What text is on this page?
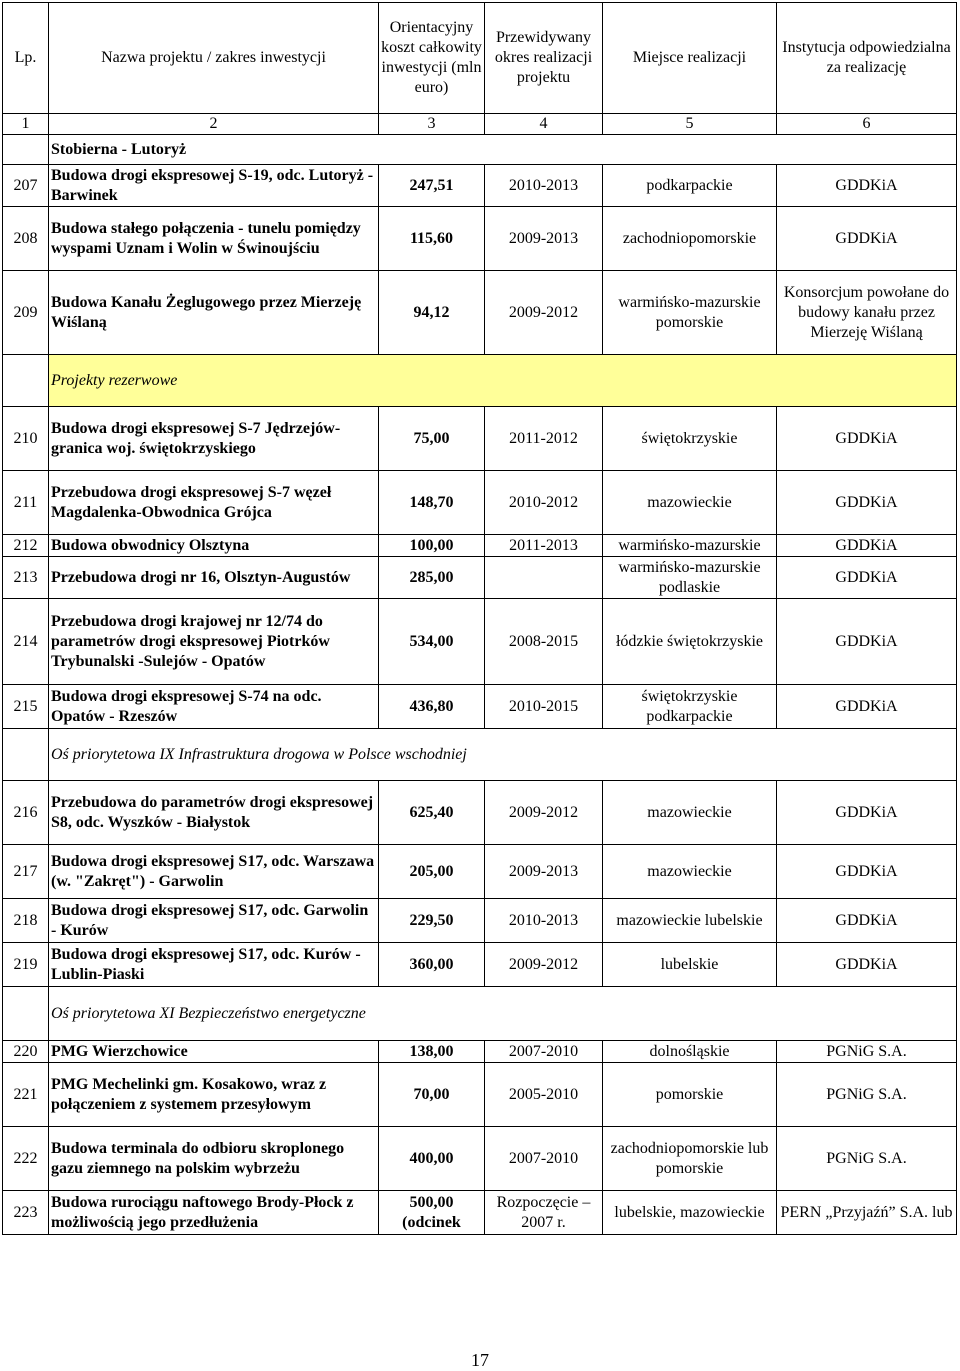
Lp.	Nazwa projektu / zakres inwestycji	Orientacyjny koszt całkowity inwestycji (mln euro)	Przewidywany okres realizacji projektu	Miejsce realizacji	Instytucja odpowiedzialna za realizację
1	2	3	4	5	6
	Stobierna - Lutoryż				
207	Budowa drogi ekspresowej S-19, odc. Lutoryż - Barwinek	247,51	2010-2013	podkarpackie	GDDKiA
208	Budowa stałego połączenia - tunelu pomiędzy wyspami Uznam i Wolin w Świnoujściu	115,60	2009-2013	zachodniopomorskie	GDDKiA
209	Budowa Kanału Żeglugowego przez Mierzeję Wiślaną	94,12	2009-2012	warmińsko-mazurskie pomorskie	Konsorcjum powołane do budowy kanału przez Mierzeję Wiślaną
	Projekty rezerwowe				
210	Budowa drogi ekspresowej S-7 Jędrzejów- granica woj. świętokrzyskiego	75,00	2011-2012	świętokrzyskie	GDDKiA
211	Przebudowa drogi ekspresowej S-7 węzeł Magdalenka-Obwodnica Grójca	148,70	2010-2012	mazowieckie	GDDKiA
212	Budowa obwodnicy Olsztyna	100,00	2011-2013	warmińsko-mazurskie	GDDKiA
213	Przebudowa drogi nr 16, Olsztyn-Augustów	285,00		warmińsko-mazurskie podlaskie	GDDKiA
214	Przebudowa drogi krajowej nr 12/74 do parametrów drogi ekspresowej Piotrków Trybunalski -Sulejów - Opatów	534,00	2008-2015	łódzkie świętokrzyskie	GDDKiA
215	Budowa drogi ekspresowej S-74 na odc. Opatów - Rzeszów	436,80	2010-2015	świętokrzyskie podkarpackie	GDDKiA
	Oś priorytetowa IX Infrastruktura drogowa w Polsce wschodniej				
216	Przebudowa do parametrów drogi ekspresowej S8, odc. Wyszków - Białystok	625,40	2009-2012	mazowieckie	GDDKiA
217	Budowa drogi ekspresowej S17, odc. Warszawa (w. "Zakręt") - Garwolin	205,00	2009-2013	mazowieckie	GDDKiA
218	Budowa drogi ekspresowej S17, odc. Garwolin - Kurów	229,50	2010-2013	mazowieckie lubelskie	GDDKiA
219	Budowa drogi ekspresowej S17, odc. Kurów - Lublin-Piaski	360,00	2009-2012	lubelskie	GDDKiA
	Oś priorytetowa XI Bezpieczeństwo energetyczne				
220	PMG Wierzchowice	138,00	2007-2010	dolnośląskie	PGNiG S.A.
221	PMG Mechelinki gm. Kosakowo, wraz z połączeniem z systemem przesyłowym	70,00	2005-2010	pomorskie	PGNiG S.A.
222	Budowa terminala do odbioru skroplonego gazu ziemnego na polskim wybrzeżu	400,00	2007-2010	zachodniopomorskie lub pomorskie	PGNiG S.A.
223	Budowa rurociągu naftowego Brody-Płock z możliwością jego przedłużenia	500,00 (odcinek	Rozpoczęcie – 2007 r.	lubelskie, mazowieckie	PERN „Przyjaźń” S.A. lub
17
